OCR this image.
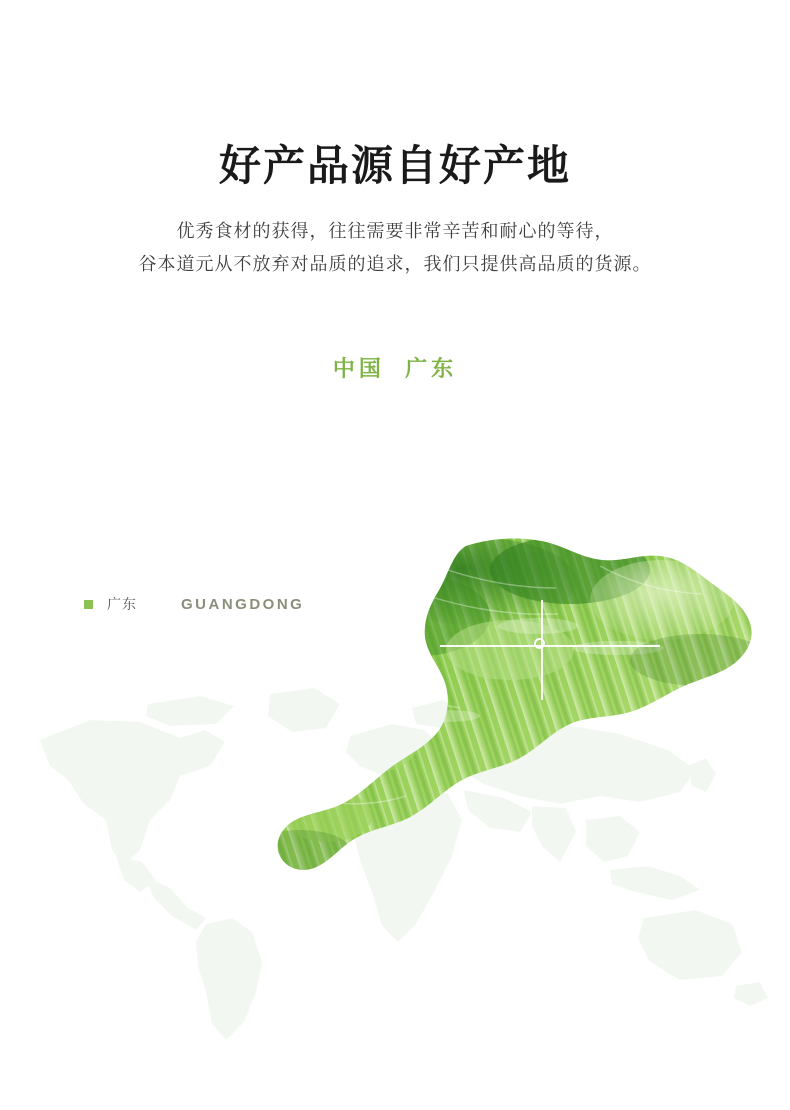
好产品源自好产地
优秀食材的获得，往往需要非常辛苦和耐心的等待，
谷本道元从不放弃对品质的追求，我们只提供高品质的货源。
中国 广东
广东	GUANGDONG
